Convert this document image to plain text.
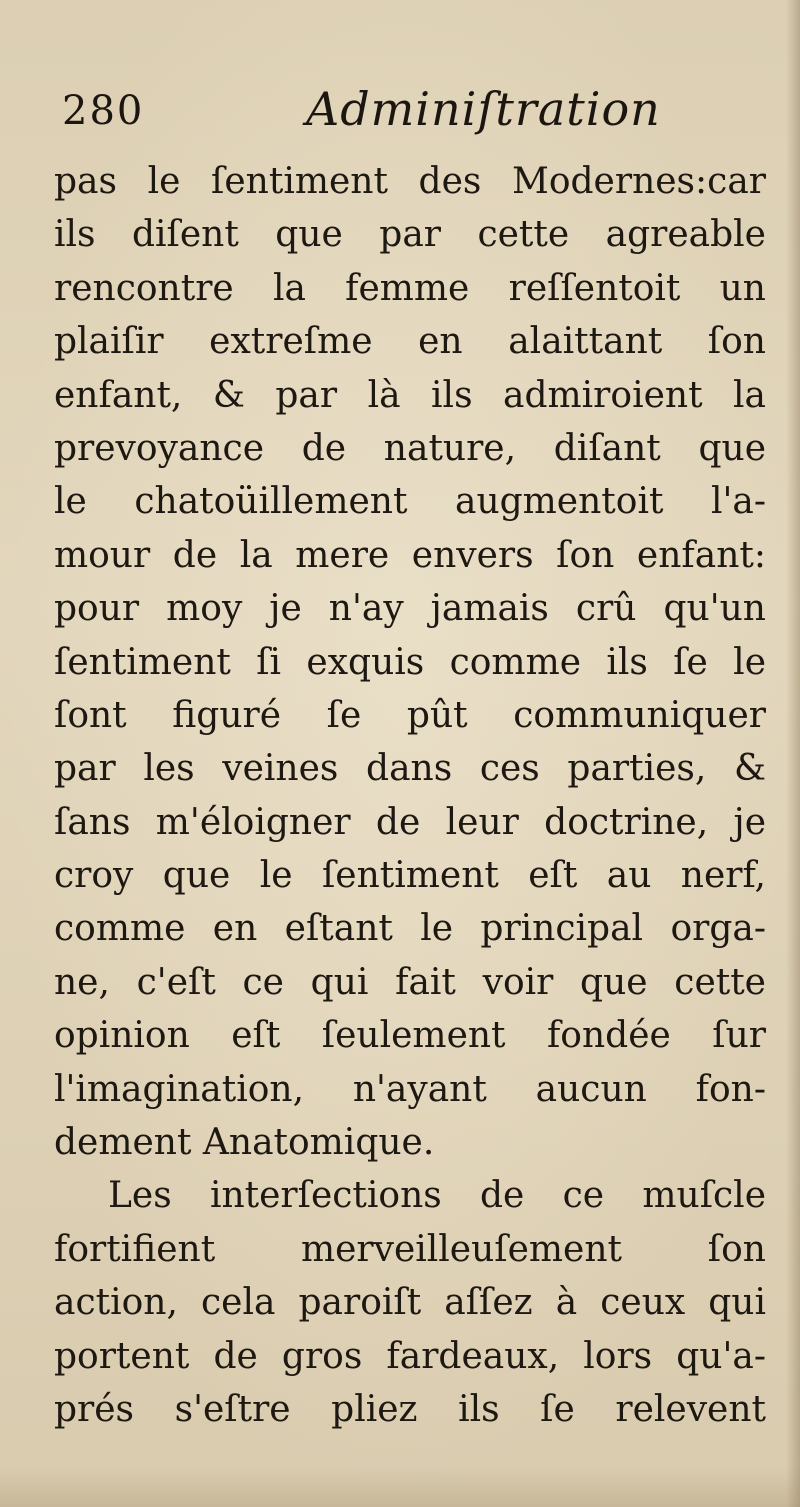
280	Adminiſtration
pas le ſentiment des Modernes:car
ils diſent que par cette agreable
rencontre la femme reſſentoit un
plaiſir extreſme en alaittant ſon
enfant, & par là ils admiroient la
prevoyance de nature, diſant que
le chatoüillement augmentoit l'a-
mour de la mere envers ſon enfant:
pour moy je n'ay jamais crû qu'un
ſentiment ſi exquis comme ils ſe le
ſont figuré ſe pût communiquer
par les veines dans ces parties, &
ſans m'éloigner de leur doctrine, je
croy que le ſentiment eſt au nerf,
comme en eſtant le principal orga-
ne, c'eſt ce qui fait voir que cette
opinion eſt ſeulement fondée ſur
l'imagination, n'ayant aucun fon-
dement Anatomique.
Les interſections de ce muſcle
fortifient merveilleuſement ſon
action, cela paroiſt aſſez à ceux qui
portent de gros fardeaux, lors qu'a-
prés s'eſtre pliez ils ſe relevent
